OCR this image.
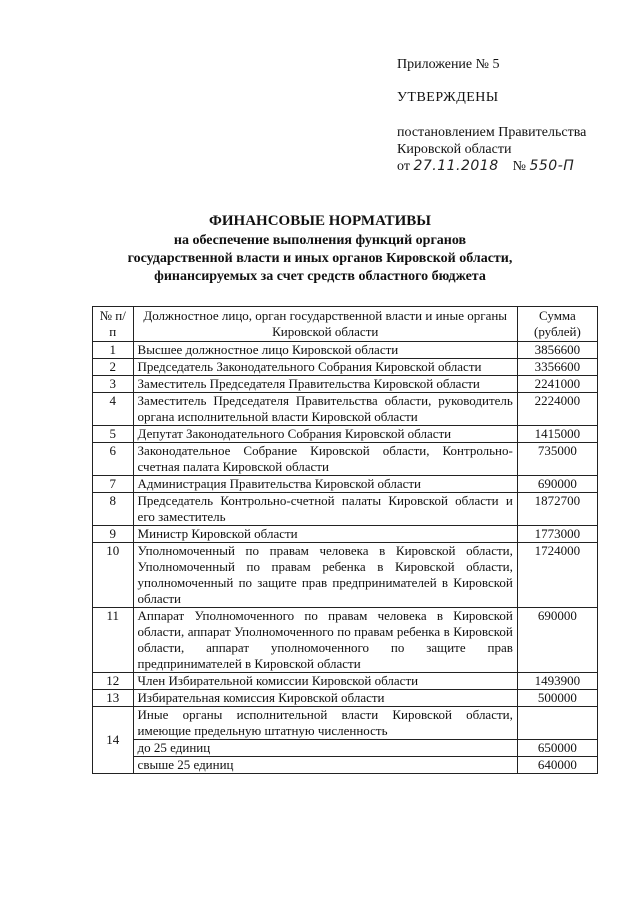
Приложение № 5
УТВЕРЖДЕНЫ
постановлением Правительства
Кировской области
от 27.11.2018 № 550-П
ФИНАНСОВЫЕ НОРМАТИВЫ
на обеспечение выполнения функций органов
государственной власти и иных органов Кировской области,
финансируемых за счет средств областного бюджета
№ п/п	Должностное лицо, орган государственной власти и иные органы Кировской области	Сумма (рублей)
1	Высшее должностное лицо Кировской области	3856600
2	Председатель Законодательного Собрания Кировской области	3356600
3	Заместитель Председателя Правительства Кировской области	2241000
4	Заместитель Председателя Правительства области, руководитель органа исполнительной власти Кировской области	2224000
5	Депутат Законодательного Собрания Кировской области	1415000
6	Законодательное Собрание Кировской области, Контрольно-счетная палата Кировской области	735000
7	Администрация Правительства Кировской области	690000
8	Председатель Контрольно-счетной палаты Кировской области и его заместитель	1872700
9	Министр Кировской области	1773000
10	Уполномоченный по правам человека в Кировской области, Уполномоченный по правам ребенка в Кировской области, уполномоченный по защите прав предпринимателей в Кировской области	1724000
11	Аппарат Уполномоченного по правам человека в Кировской области, аппарат Уполномоченного по правам ребенка в Кировской области, аппарат уполномоченного по защите прав предпринимателей в Кировской области	690000
12	Член Избирательной комиссии Кировской области	1493900
13	Избирательная комиссия Кировской области	500000
14	Иные органы исполнительной власти Кировской области, имеющие предельную штатную численность	
	до 25 единиц	650000
	свыше 25 единиц	640000
